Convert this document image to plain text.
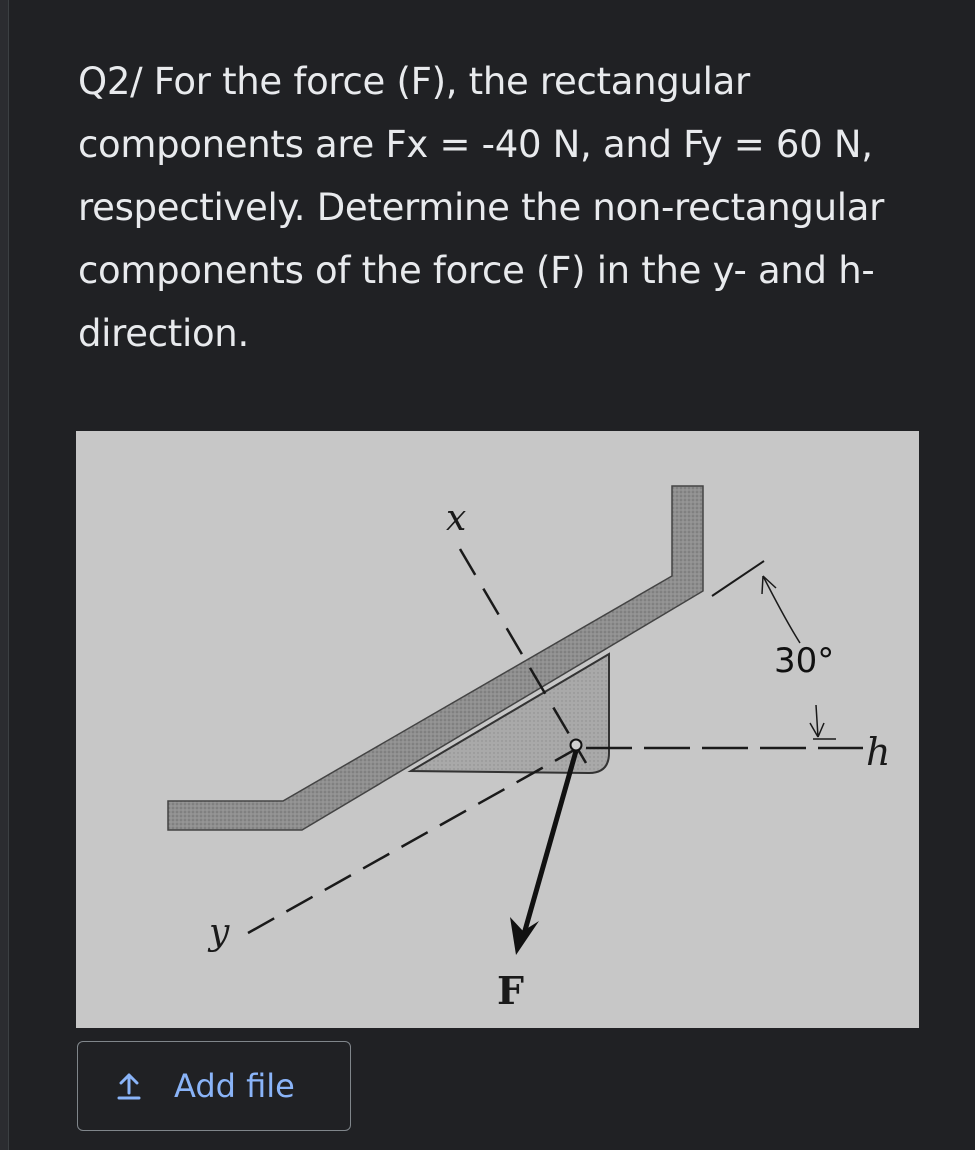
Q2/ For the force (F), the rectangular components are Fx = -40 N, and Fy = 60 N, respectively. Determine the non-rectangular components of the force (F) in the y- and h-direction.

x
y
h
F
30°
Add file
